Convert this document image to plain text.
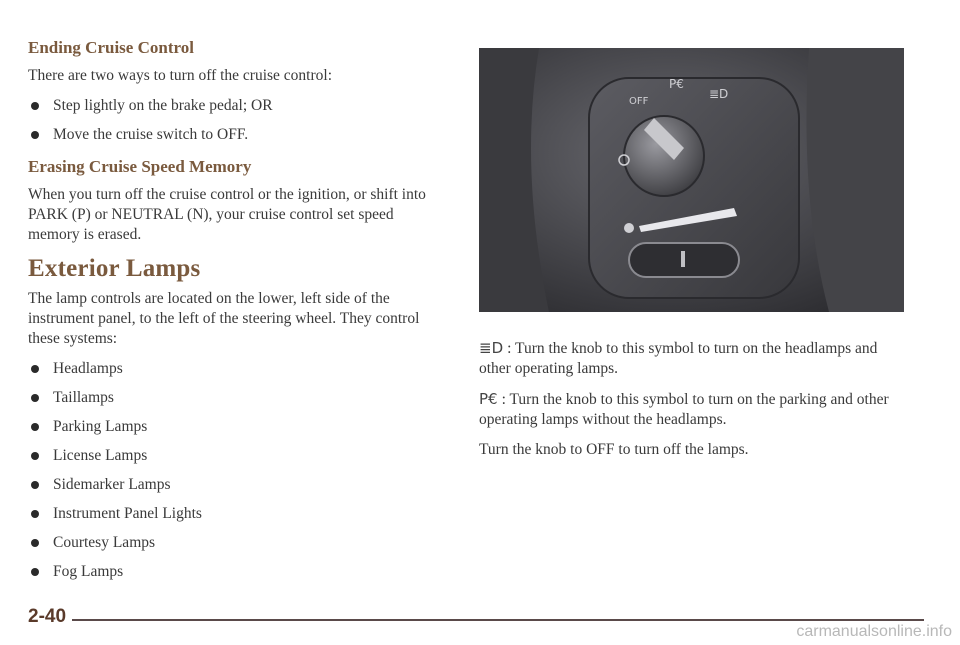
Ending Cruise Control

There are two ways to turn off the cruise control:

Step lightly on the brake pedal; OR
Move the cruise switch to OFF.
Erasing Cruise Speed Memory

When you turn off the cruise control or the ignition, or shift into PARK (P) or NEUTRAL (N), your cruise control set speed memory is erased.

Exterior Lamps

The lamp controls are located on the lower, left side of the instrument panel, to the left of the steering wheel. They control these systems:

Headlamps
Taillamps
Parking Lamps
License Lamps
Sidemarker Lamps
Instrument Panel Lights
Courtesy Lamps
Fog Lamps
OFF
P€
≣D

≣D : Turn the knob to this symbol to turn on the headlamps and other operating lamps.

P€ : Turn the knob to this symbol to turn on the parking and other operating lamps without the headlamps.

Turn the knob to OFF to turn off the lamps.

2-40
carmanualsonline.info
